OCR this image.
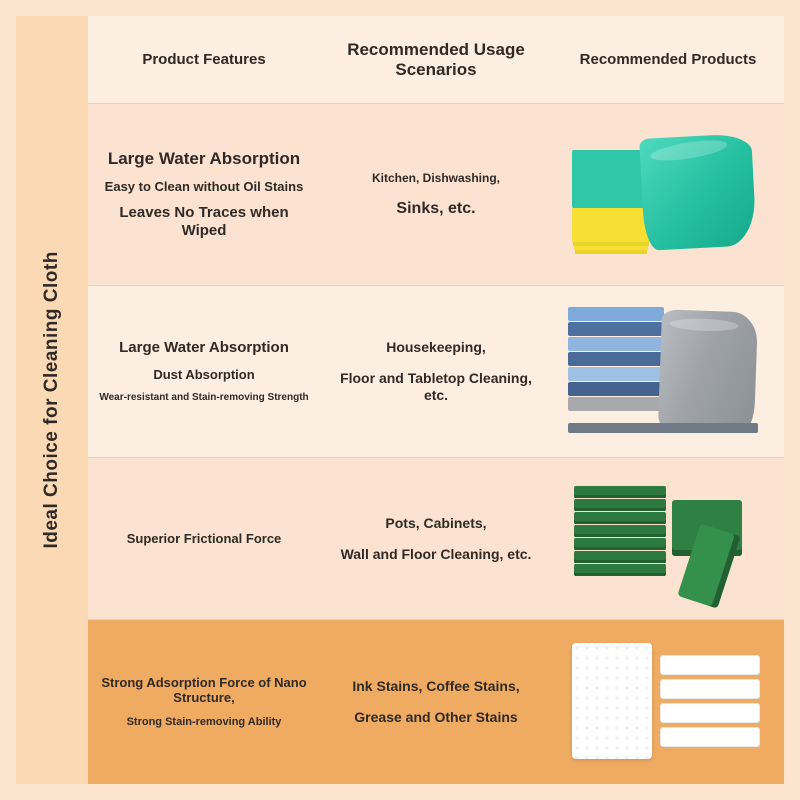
Ideal Choice for Cleaning Cloth
Product Features
Recommended Usage Scenarios
Recommended Products
Large Water Absorption
Easy to Clean without Oil Stains
Leaves No Traces when Wiped
Kitchen, Dishwashing,
Sinks, etc.
Large Water Absorption
Dust Absorption
Wear-resistant and Stain-removing Strength
Housekeeping,
Floor and Tabletop Cleaning, etc.
Superior Frictional Force
Pots, Cabinets,
Wall and Floor Cleaning, etc.
Strong Adsorption Force of Nano Structure,
Strong Stain-removing Ability
Ink Stains, Coffee Stains,
Grease and Other Stains
